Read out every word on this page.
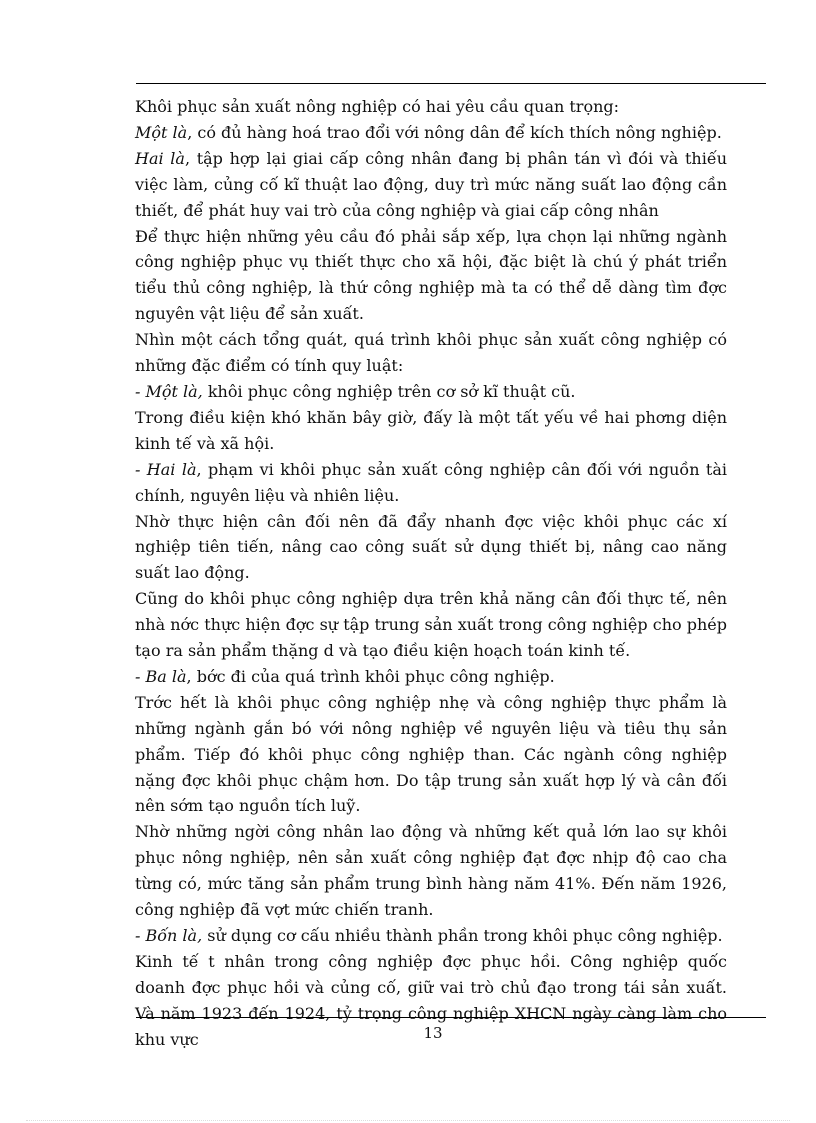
Khôi phục sản xuất nông nghiệp có hai yêu cầu quan trọng:

Một là, có đủ hàng hoá trao đổi với nông dân để kích thích nông nghiệp.

Hai là, tập hợp lại giai cấp công nhân đang bị phân tán vì đói và thiếu việc làm, củng cố kĩ thuật lao động, duy trì mức năng suất lao động cần thiết, để phát huy vai trò của công nghiệp và giai cấp công nhân

Để thực hiện những yêu cầu đó phải sắp xếp, lựa chọn lại những ngành công nghiệp phục vụ thiết thực cho xã hội, đặc biệt là chú ý phát triển tiểu thủ công nghiệp, là thứ công nghiệp mà ta có thể dễ dàng tìm đợc nguyên vật liệu để sản xuất.

Nhìn một cách tổng quát, quá trình khôi phục sản xuất công nghiệp có những đặc điểm có tính quy luật:

- Một là, khôi phục công nghiệp trên cơ sở kĩ thuật cũ.

Trong điều kiện khó khăn bây giờ, đấy là một tất yếu về hai phơng diện kinh tế và xã hội.

- Hai là, phạm vi khôi phục sản xuất công nghiệp cân đối với nguồn tài chính, nguyên liệu và nhiên liệu.

Nhờ thực hiện cân đối nên đã đẩy nhanh đợc việc khôi phục các xí nghiệp tiên tiến, nâng cao công suất sử dụng thiết bị, nâng cao năng suất lao động.

Cũng do khôi phục công nghiệp dựa trên khả năng cân đối thực tế, nên nhà nớc thực hiện đợc sự tập trung sản xuất trong công nghiệp cho phép tạo ra sản phẩm thặng d và tạo điều kiện hoạch toán kinh tế.

- Ba là, bớc đi của quá trình khôi phục công nghiệp.

Trớc hết là khôi phục công nghiệp nhẹ và công nghiệp thực phẩm là những ngành gắn bó với nông nghiệp về nguyên liệu và tiêu thụ sản phẩm. Tiếp đó khôi phục công nghiệp than. Các ngành công nghiệp nặng đợc khôi phục chậm hơn. Do tập trung sản xuất hợp lý và cân đối nên sớm tạo nguồn tích luỹ.

Nhờ những ngời công nhân lao động và những kết quả lớn lao sự khôi phục nông nghiệp, nên sản xuất công nghiệp đạt đợc nhịp độ cao cha từng có, mức tăng sản phẩm trung bình hàng năm 41%. Đến năm 1926, công nghiệp đã vợt mức chiến tranh.

- Bốn là, sử dụng cơ cấu nhiều thành phần trong khôi phục công nghiệp.

Kinh tế t nhân trong công nghiệp đợc phục hồi. Công nghiệp quốc doanh đợc phục hồi và củng cố, giữ vai trò chủ đạo trong tái sản xuất. Và năm 1923 đến 1924, tỷ trọng công nghiệp XHCN ngày càng làm cho khu vực	13
